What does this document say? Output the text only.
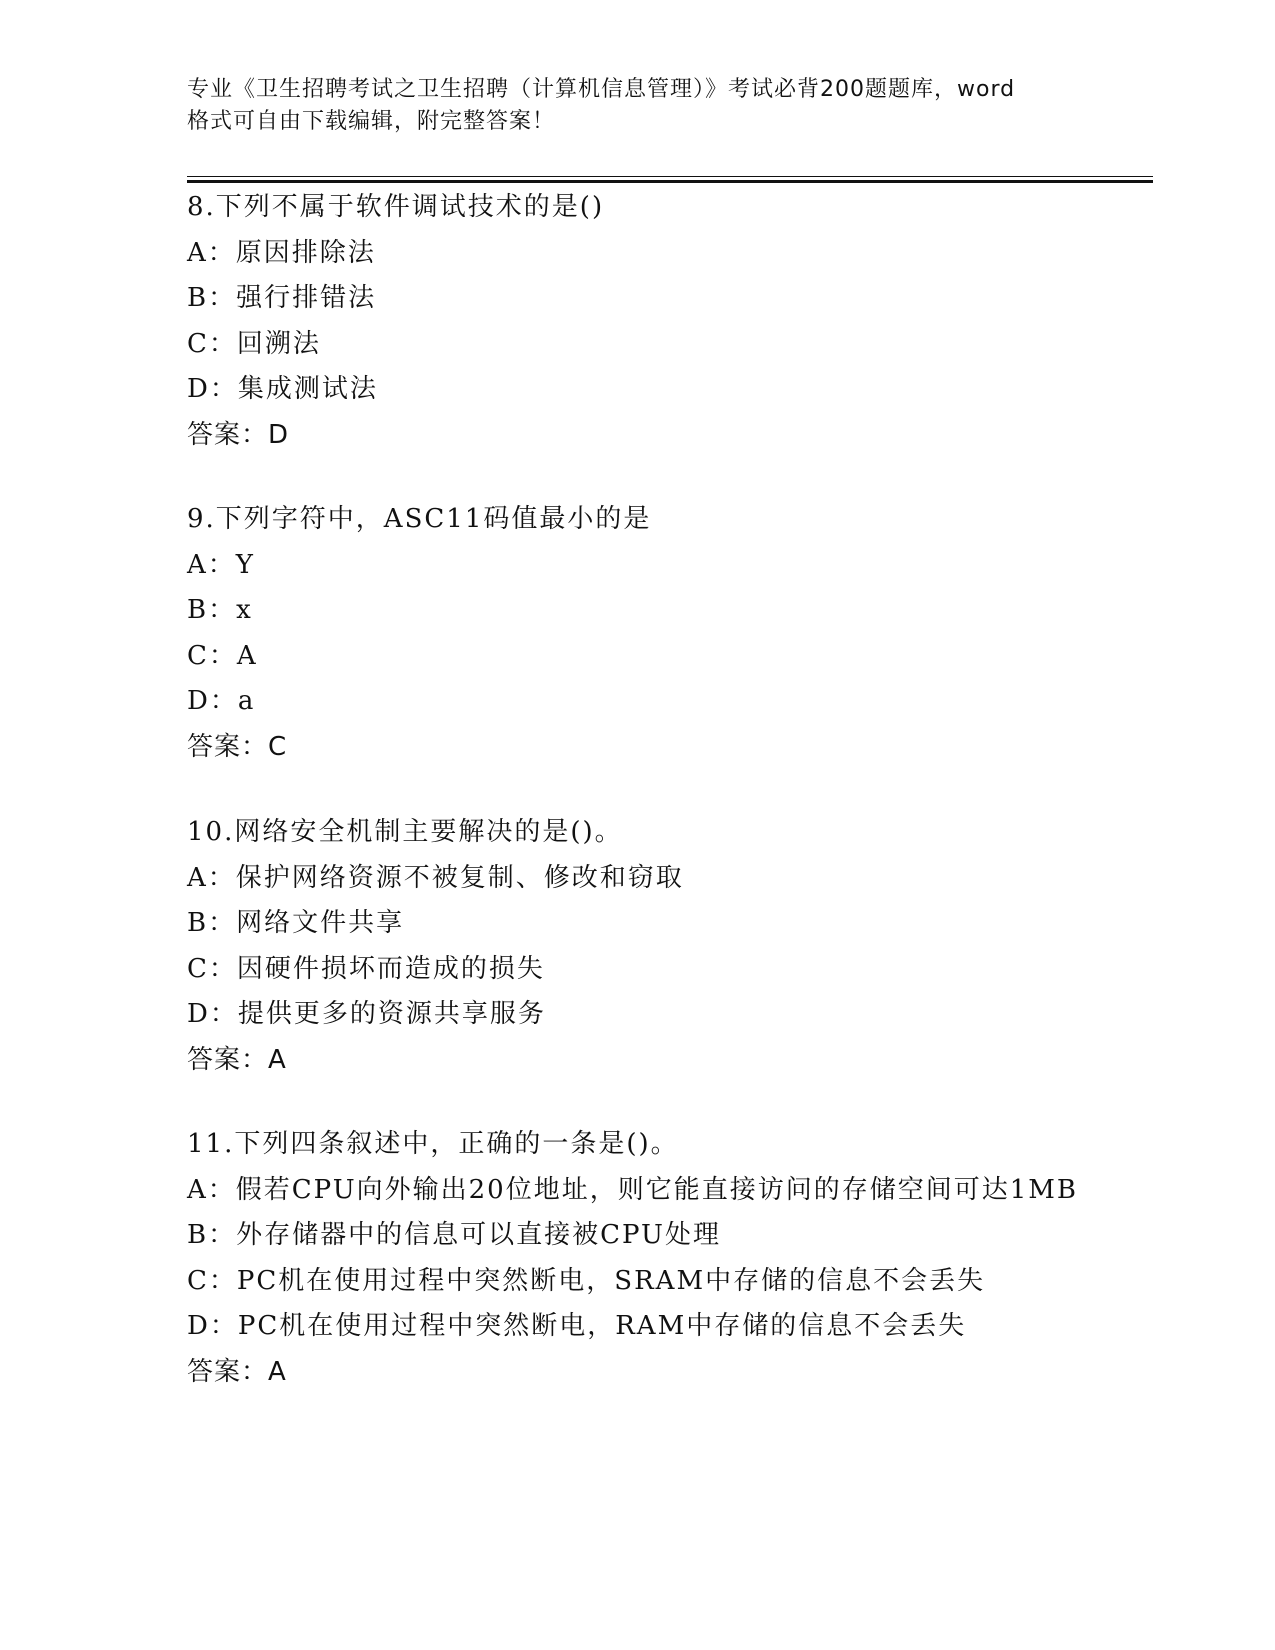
专业《卫生招聘考试之卫生招聘（计算机信息管理）》考试必背200题题库，word
格式可自由下载编辑，附完整答案！
8.下列不属于软件调试技术的是()
A：原因排除法
B：强行排错法
C：回溯法
D：集成测试法
答案：D
9.下列字符中，ASC11码值最小的是
A：Y
B：x
C：A
D：a
答案：C
10.网络安全机制主要解决的是()。
A：保护网络资源不被复制、修改和窃取
B：网络文件共享
C：因硬件损坏而造成的损失
D：提供更多的资源共享服务
答案：A
11.下列四条叙述中，正确的一条是()。
A：假若CPU向外输出20位地址，则它能直接访问的存储空间可达1MB
B：外存储器中的信息可以直接被CPU处理
C：PC机在使用过程中突然断电，SRAM中存储的信息不会丢失
D：PC机在使用过程中突然断电，RAM中存储的信息不会丢失
答案：A
